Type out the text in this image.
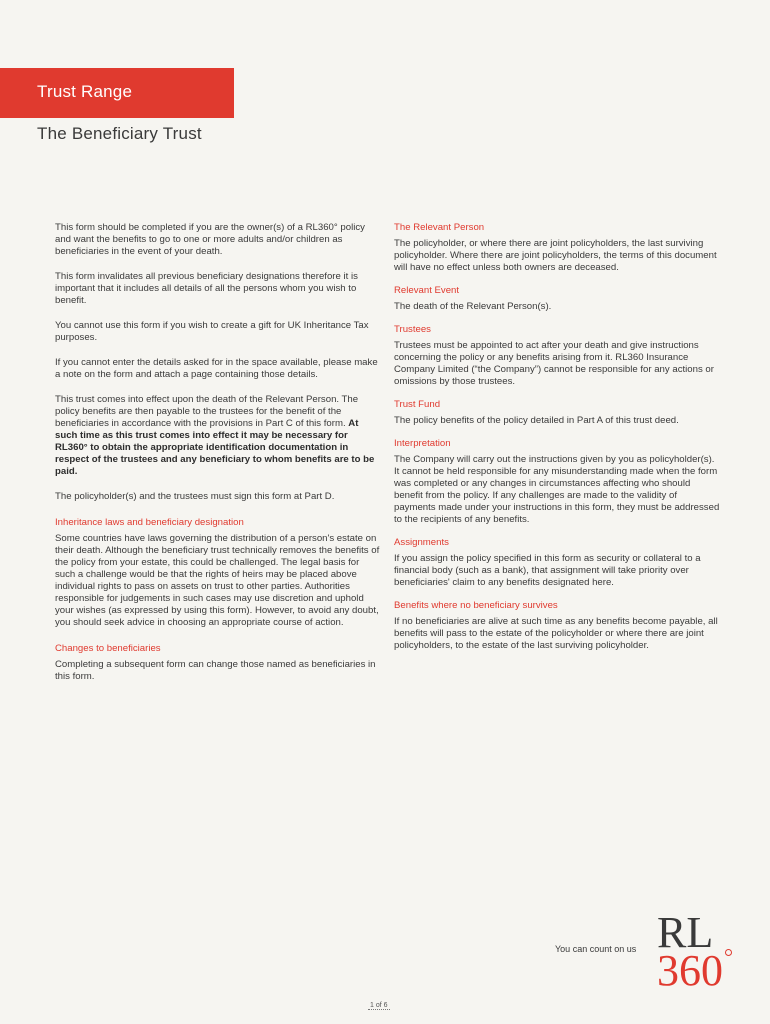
Trust Range
The Beneficiary Trust

This form should be completed if you are the owner(s) of a RL360° policy and want the benefits to go to one or more adults and/or children as beneficiaries in the event of your death.

This form invalidates all previous beneficiary designations therefore it is important that it includes all details of all the persons whom you wish to benefit.

You cannot use this form if you wish to create a gift for UK Inheritance Tax purposes.

If you cannot enter the details asked for in the space available, please make a note on the form and attach a page containing those details.

This trust comes into effect upon the death of the Relevant Person. The policy benefits are then payable to the trustees for the benefit of the beneficiaries in accordance with the provisions in Part C of this form. At such time as this trust comes into effect it may be necessary for RL360° to obtain the appropriate identification documentation in respect of the trustees and any beneficiary to whom benefits are to be paid.

The policyholder(s) and the trustees must sign this form at Part D.

Inheritance laws and beneficiary designation

Some countries have laws governing the distribution of a person's estate on their death. Although the beneficiary trust technically removes the benefits of the policy from your estate, this could be challenged. The legal basis for such a challenge would be that the rights of heirs may be placed above individual rights to pass on assets on trust to other parties. Authorities responsible for judgements in such cases may use discretion and uphold your wishes (as expressed by using this form). However, to avoid any doubt, you should seek advice in choosing an appropriate course of action.

Changes to beneficiaries

Completing a subsequent form can change those named as beneficiaries in this form.

The Relevant Person

The policyholder, or where there are joint policyholders, the last surviving policyholder. Where there are joint policyholders, the terms of this document will have no effect unless both owners are deceased.

Relevant Event

The death of the Relevant Person(s).

Trustees

Trustees must be appointed to act after your death and give instructions concerning the policy or any benefits arising from it. RL360 Insurance Company Limited (“the Company”) cannot be responsible for any actions or omissions by those trustees.

Trust Fund

The policy benefits of the policy detailed in Part A of this trust deed.

Interpretation

The Company will carry out the instructions given by you as policyholder(s). It cannot be held responsible for any misunderstanding made when the form was completed or any changes in circumstances affecting who should benefit from the policy. If any challenges are made to the validity of payments made under your instructions in this form, they must be addressed to the recipients of any benefits.

Assignments

If you assign the policy specified in this form as security or collateral to a financial body (such as a bank), that assignment will take priority over beneficiaries' claim to any benefits designated here.

Benefits where no beneficiary survives

If no beneficiaries are alive at such time as any benefits become payable, all benefits will pass to the estate of the policyholder or where there are joint policyholders, to the estate of the last surviving policyholder.

You can count on us RL
360
1 of 6
